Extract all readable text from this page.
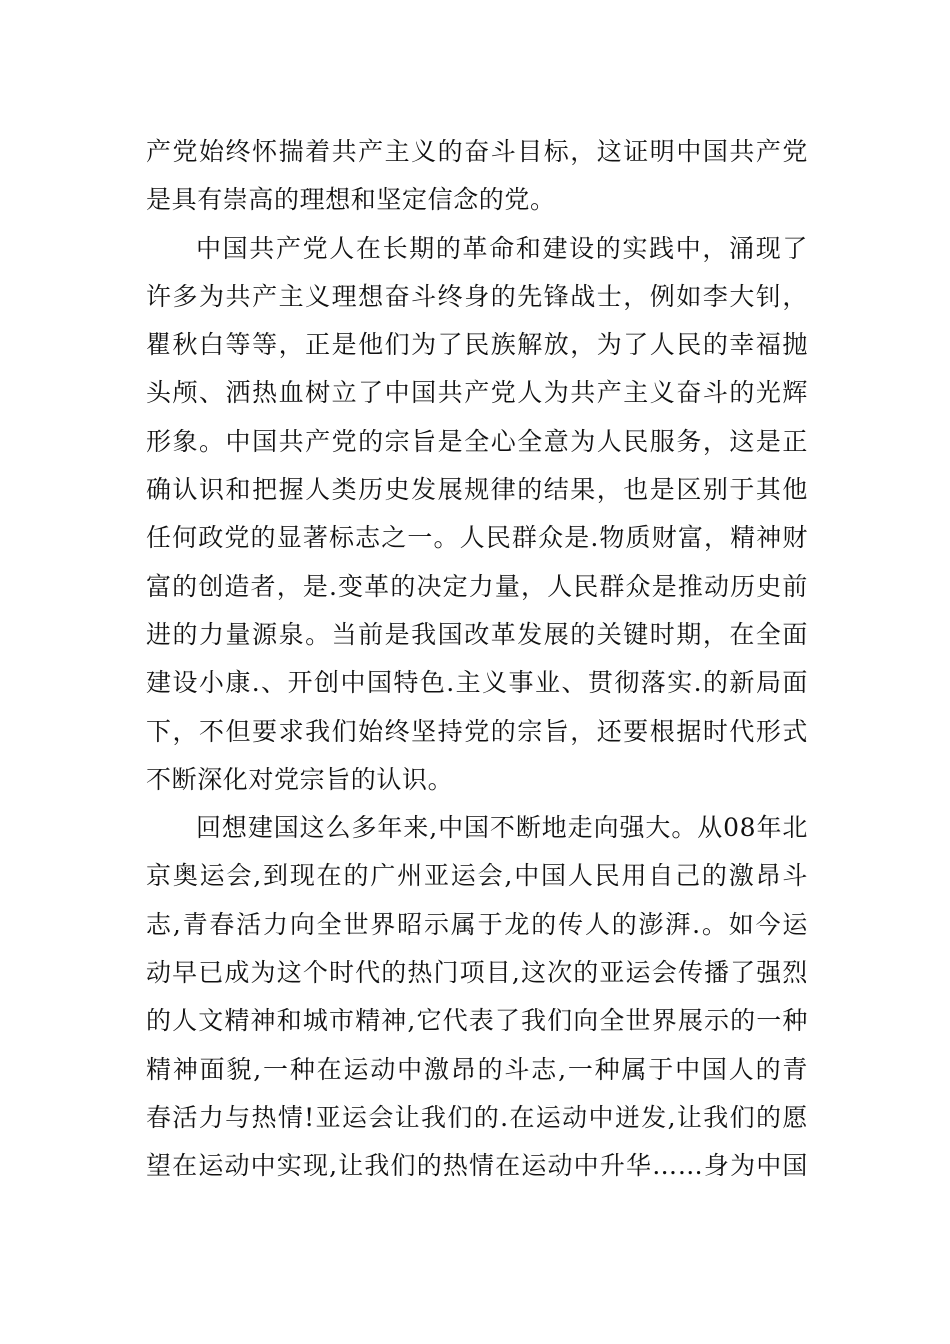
产党始终怀揣着共产主义的奋斗目标，这证明中国共产党
是具有崇高的理想和坚定信念的党。

中国共产党人在长期的革命和建设的实践中，涌现了
许多为共产主义理想奋斗终身的先锋战士，例如李大钊，
瞿秋白等等，正是他们为了民族解放，为了人民的幸福抛
头颅、洒热血树立了中国共产党人为共产主义奋斗的光辉
形象。中国共产党的宗旨是全心全意为人民服务，这是正
确认识和把握人类历史发展规律的结果，也是区别于其他
任何政党的显著标志之一。人民群众是.物质财富，精神财
富的创造者，是.变革的决定力量，人民群众是推动历史前
进的力量源泉。当前是我国改革发展的关键时期，在全面
建设小康.、开创中国特色.主义事业、贯彻落实.的新局面
下，不但要求我们始终坚持党的宗旨，还要根据时代形式
不断深化对党宗旨的认识。

回想建国这么多年来,中国不断地走向强大。从08年北
京奥运会,到现在的广州亚运会,中国人民用自己的激昂斗
志,青春活力向全世界昭示属于龙的传人的澎湃.。如今运
动早已成为这个时代的热门项目,这次的亚运会传播了强烈
的人文精神和城市精神,它代表了我们向全世界展示的一种
精神面貌,一种在运动中激昂的斗志,一种属于中国人的青
春活力与热情!亚运会让我们的.在运动中迸发,让我们的愿
望在运动中实现,让我们的热情在运动中升华……身为中国
